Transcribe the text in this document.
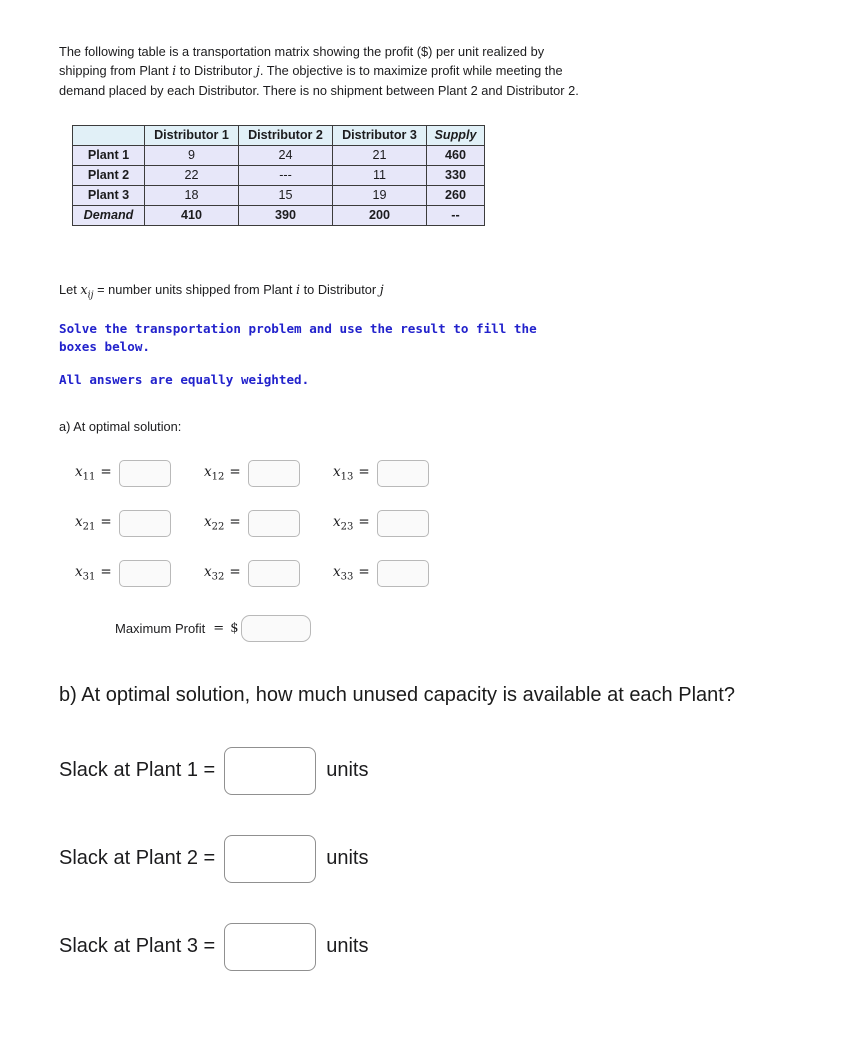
The following table is a transportation matrix showing the profit ($) per unit realized by shipping from Plant i to Distributor j. The objective is to maximize profit while meeting the demand placed by each Distributor. There is no shipment between Plant 2 and Distributor 2.

	Distributor 1	Distributor 2	Distributor 3	Supply
Plant 1	9	24	21	460
Plant 2	22	---	11	330
Plant 3	18	15	19	260
Demand	410	390	200	--

Let $x_{ij}$ = number units shipped from Plant i to Distributor j

Solve the transportation problem and use the result to fill the
boxes below.
All answers are equally weighted.
a) At optimal solution:
$x_{11}$ =	$x_{12}$ =	$x_{13}$ =
$x_{21}$ =	$x_{22}$ =	$x_{23}$ =
$x_{31}$ =	$x_{32}$ =	$x_{33}$ =
Maximum Profit = $
b) At optimal solution, how much unused capacity is available at each Plant?
Slack at Plant 1 =	units
Slack at Plant 2 =	units
Slack at Plant 3 =	units
